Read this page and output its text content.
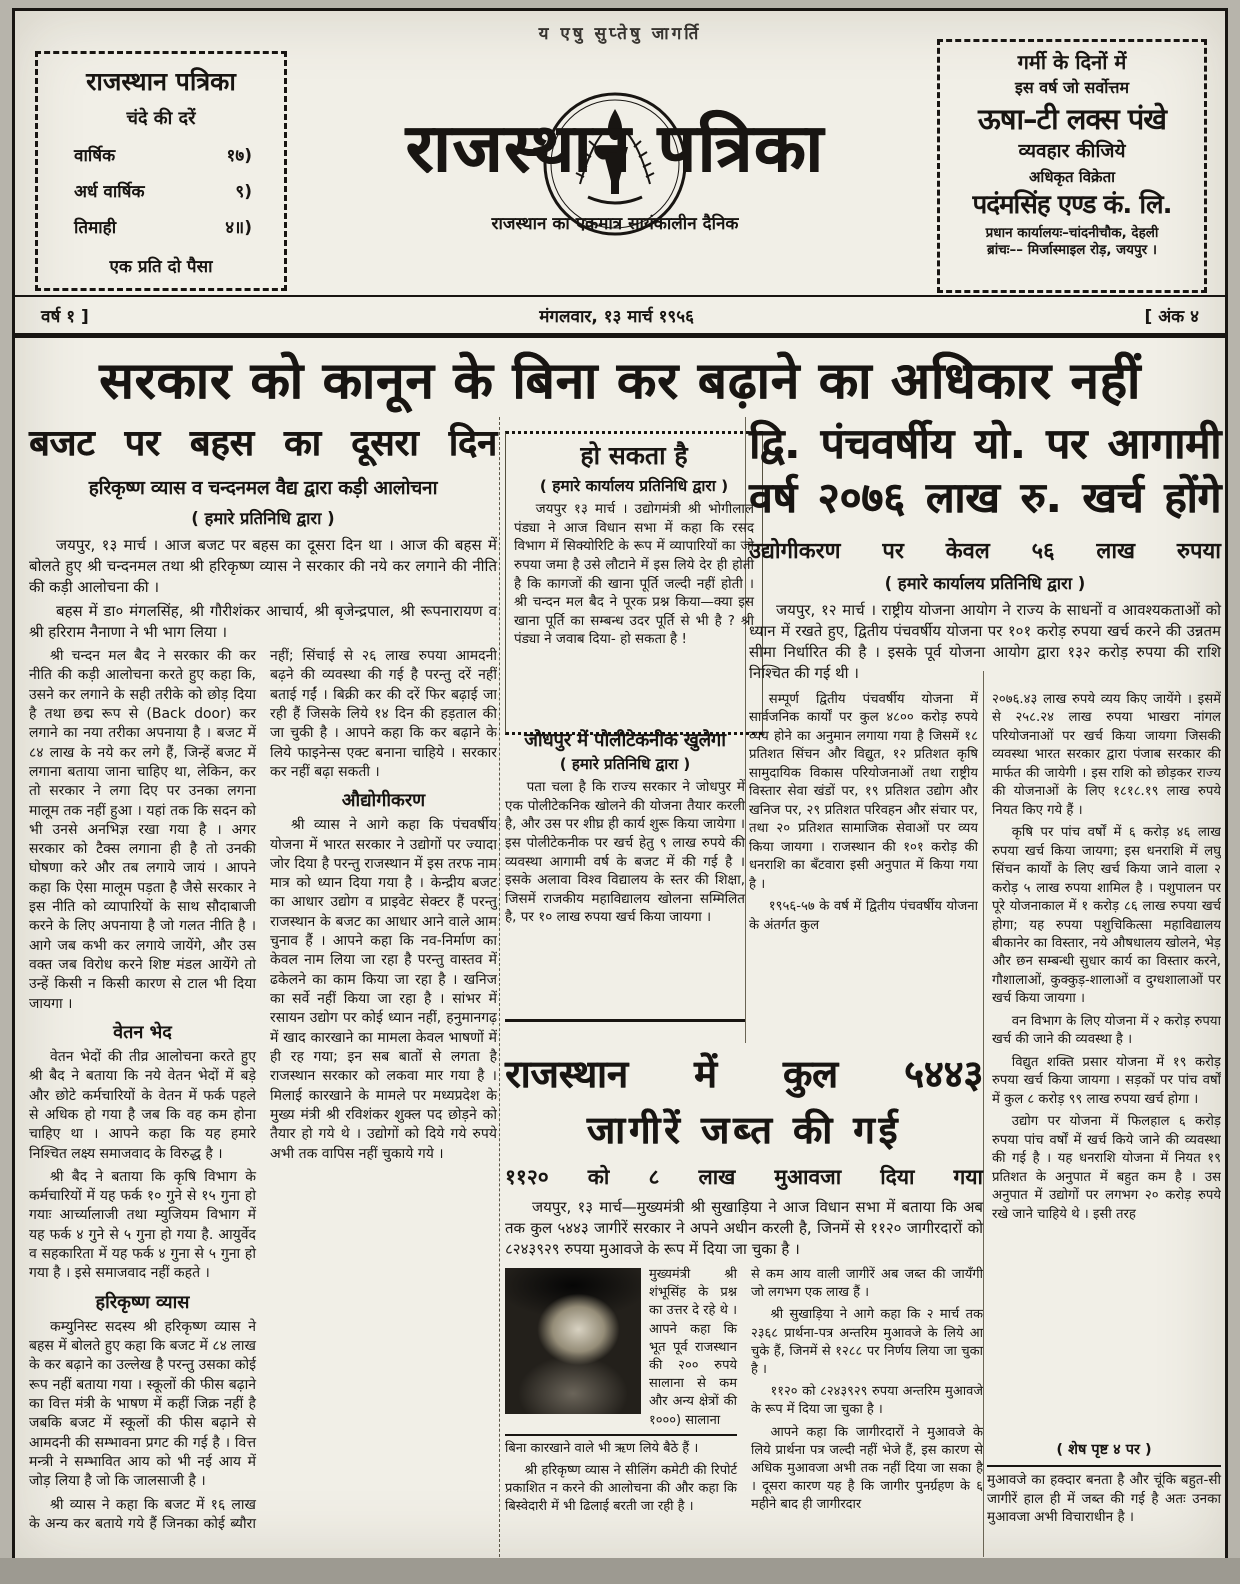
य एषु सुप्तेषु जागर्ति
राजस्थान पत्रिका
चंदे की दरें
वार्षिक	१७)
अर्ध वार्षिक	९)
तिमाही	४॥)
एक प्रति दो पैसा
राजस्थान पत्रिका
राजस्थान का एकमात्र सायंकालीन दैनिक
गर्मी के दिनों में
इस वर्ष जो सर्वोत्तम
ऊषा–टी लक्स पंखे
व्यवहार कीजिये
अधिकृत विक्रेता
पदंमसिंह एण्ड कं. लि.
प्रधान कार्यालयः–चांदनीचौक, देहली
ब्रांचः–– मिर्जास्माइल रोड़, जयपुर ।
वर्ष १ ]	मंगलवार, १३ मार्च १९५६	[ अंक ४
सरकार को कानून के बिना कर बढ़ाने का अधिकार नहीं
बजट पर बहस का दूसरा दिन
हरिकृष्ण व्यास व चन्दनमल वैद्य द्वारा कड़ी आलोचना
( हमारे प्रतिनिधि द्वारा )

जयपुर, १३ मार्च । आज बजट पर बहस का दूसरा दिन था । आज की बहस में बोलते हुए श्री चन्दनमल तथा श्री हरिकृष्ण व्यास ने सरकार की नये कर लगाने की नीति की कड़ी आलोचना की ।

बहस में डा० मंगलसिंह, श्री गौरीशंकर आचार्य, श्री बृजेन्द्रपाल, श्री रूपनारायण व श्री हरिराम नैनाणा ने भी भाग लिया ।

श्री चन्दन मल बैद ने सरकार की कर नीति की कड़ी आलोचना करते हुए कहा कि, उसने कर लगाने के सही तरीके को छोड़ दिया है तथा छद्म रूप से (Back door) कर लगाने का नया तरीका अपनाया है । बजट में ८४ लाख के नये कर लगे हैं, जिन्हें बजट में लगाना बताया जाना चाहिए था, लेकिन, कर तो सरकार ने लगा दिए पर उनका लगना मालूम तक नहीं हुआ । यहां तक कि सदन को भी उनसे अनभिज्ञ रखा गया है । अगर सरकार को टैक्स लगाना ही है तो उनकी घोषणा करे और तब लगाये जायं । आपने कहा कि ऐसा मालूम पड़ता है जैसे सरकार ने इस नीति को व्यापारियों के साथ सौदाबाजी करने के लिए अपनाया है जो गलत नीति है । आगे जब कभी कर लगाये जायेंगे, और उस वक्त जब विरोध करने शिष्ट मंडल आयेंगे तो उन्हें किसी न किसी कारण से टाल भी दिया जायगा ।

वेतन भेद

वेतन भेदों की तीव्र आलोचना करते हुए श्री बैद ने बताया कि नये वेतन भेदों में बड़े और छोटे कर्मचारियों के वेतन में फर्क पहले से अधिक हो गया है जब कि वह कम होना चाहिए था । आपने कहा कि यह हमारे निश्चित लक्ष्य समाजवाद के विरुद्ध है ।

श्री बैद ने बताया कि कृषि विभाग के कर्मचारियों में यह फर्क १० गुने से १५ गुना हो गयाः आर्च्यालाजी तथा म्युजियम विभाग में यह फर्क ४ गुने से ५ गुना हो गया है. आयुर्वेद व सहकारिता में यह फर्क ४ गुना से ५ गुना हो गया है । इसे समाजवाद नहीं कहते ।

हरिकृष्ण व्यास

कम्युनिस्ट सदस्य श्री हरिकृष्ण व्यास ने बहस में बोलते हुए कहा कि बजट में ८४ लाख के कर बढ़ाने का उल्लेख है परन्तु उसका कोई रूप नहीं बताया गया । स्कूलों की फीस बढ़ाने का वित्त मंत्री के भाषण में कहीं जिक्र नहीं है जबकि बजट में स्कूलों की फीस बढ़ाने से आमदनी की सम्भावना प्रगट की गई है । वित्त मन्त्री ने सम्भावित आय को भी नई आय में जोड़ लिया है जो कि जालसाजी है ।

श्री व्यास ने कहा कि बजट में १६ लाख के अन्य कर बताये गये हैं जिनका कोई ब्यौरा नहीं; सिंचाई से २६ लाख रुपया आमदनी बढ़ने की व्यवस्था की गई है परन्तु दरें नहीं बताई गईं । बिक्री कर की दरें फिर बढ़ाई जा रही हैं जिसके लिये १४ दिन की हड़ताल की जा चुकी है । आपने कहा कि कर बढ़ाने के लिये फाइनेन्स एक्ट बनाना चाहिये । सरकार कर नहीं बढ़ा सकती ।

औद्योगीकरण

श्री व्यास ने आगे कहा कि पंचवर्षीय योजना में भारत सरकार ने उद्योगों पर ज्यादा जोर दिया है परन्तु राजस्थान में इस तरफ नाम मात्र को ध्यान दिया गया है । केन्द्रीय बजट का आधार उद्योग व प्राइवेट सेक्टर हैं परन्तु राजस्थान के बजट का आधार आने वाले आम चुनाव हैं । आपने कहा कि नव-निर्माण का केवल नाम लिया जा रहा है परन्तु वास्तव में ढकेलने का काम किया जा रहा है । खनिज का सर्वे नहीं किया जा रहा है । सांभर में रसायन उद्योग पर कोई ध्यान नहीं, हनुमानगढ़ में खाद कारखाने का मामला केवल भाषणों में ही रह गया; इन सब बातों से लगता है राजस्थान सरकार को लकवा मार गया है । मिलाई कारखाने के मामले पर मध्यप्रदेश के मुख्य मंत्री श्री रविशंकर शुक्ल पद छोड़ने को तैयार हो गये थे । उद्योगों को दिये गये रुपये अभी तक वापिस नहीं चुकाये गये ।

हो सकता है
( हमारे कार्यालय प्रतिनिधि द्वारा )
जयपुर १३ मार्च । उद्योगमंत्री श्री भोगीलाल पंड्या ने आज विधान सभा में कहा कि रसद विभाग में सिक्योरिटि के रूप में व्यापारियों का जो रुपया जमा है उसे लौटाने में इस लिये देर ही होती है कि कागजों की खाना पूर्ति जल्दी नहीं होती । श्री चन्दन मल बैद ने पूरक प्रश्न किया—क्या इस खाना पूर्ति का सम्बन्ध उदर पूर्ति से भी है ? श्री पंड्या ने जवाब दिया- हो सकता है !
जोधपुर में पोलीटेकनीक खुलेगा
( हमारे प्रतिनिधि द्वारा )
पता चला है कि राज्य सरकार ने जोधपुर में एक पोलीटेकनिक खोलने की योजना तैयार करली है, और उस पर शीघ्र ही कार्य शुरू किया जायेगा । इस पोलीटेकनीक पर खर्च हेतु ९ लाख रुपये की व्यवस्था आगामी वर्ष के बजट में की गई है । इसके अलावा विश्व विद्यालय के स्तर की शिक्षा, जिसमें राजकीय महाविद्यालय खोलना सम्मिलित है, पर १० लाख रुपया खर्च किया जायगा ।
द्वि. पंचवर्षीय यो. पर आगामी
वर्ष २०७६ लाख रु. खर्च होंगे
उद्योगीकरण पर केवल ५६ लाख रुपया
( हमारे कार्यालय प्रतिनिधि द्वारा )
जयपुर, १२ मार्च । राष्ट्रीय योजना आयोग ने राज्य के साधनों व आवश्यकताओं को ध्यान में रखते हुए, द्वितीय पंचवर्षीय योजना पर १०१ करोड़ रुपया खर्च करने की उन्नतम सीमा निर्धारित की है । इसके पूर्व योजना आयोग द्वारा १३२ करोड़ रुपया की राशि निश्चित की गई थी ।

सम्पूर्ण द्वितीय पंचवर्षीय योजना में सार्वजनिक कार्यों पर कुल ४८०० करोड़ रुपये व्यय होने का अनुमान लगाया गया है जिसमें १८ प्रतिशत सिंचन और विद्युत, १२ प्रतिशत कृषि सामुदायिक विकास परियोजनाओं तथा राष्ट्रीय विस्तार सेवा खंडों पर, १९ प्रतिशत उद्योग और खनिज पर, २९ प्रतिशत परिवहन और संचार पर, तथा २० प्रतिशत सामाजिक सेवाओं पर व्यय किया जायगा । राजस्थान की १०१ करोड़ की धनराशि का बँटवारा इसी अनुपात में किया गया है ।

१९५६-५७ के वर्ष में द्वितीय पंचवर्षीय योजना के अंतर्गत कुल

२०७६.४३ लाख रुपये व्यय किए जायेंगे । इसमें से २५८.२४ लाख रुपया भाखरा नांगल परियोजनाओं पर खर्च किया जायगा जिसकी व्यवस्था भारत सरकार द्वारा पंजाब सरकार की मार्फत की जायेगी । इस राशि को छोड़कर राज्य की योजनाओं के लिए १८१८.१९ लाख रुपये नियत किए गये हैं ।

कृषि पर पांच वर्षों में ६ करोड़ ४६ लाख रुपया खर्च किया जायगा; इस धनराशि में लघु सिंचन कार्यों के लिए खर्च किया जाने वाला २ करोड़ ५ लाख रुपया शामिल है । पशुपालन पर पूरे योजनाकाल में १ करोड़ ८६ लाख रुपया खर्च होगा; यह रुपया पशुचिकित्सा महाविद्यालय बीकानेर का विस्तार, नये औषधालय खोलने, भेड़ और छन सम्बन्धी सुधार कार्य का विस्तार करने, गौशालाओं, कुक्कुड़-शालाओं व दुग्धशालाओं पर खर्च किया जायगा ।

वन विभाग के लिए योजना में २ करोड़ रुपया खर्च की जाने की व्यवस्था है ।

विद्युत शक्ति प्रसार योजना में १९ करोड़ रुपया खर्च किया जायगा । सड़कों पर पांच वर्षों में कुल ८ करोड़ ९९ लाख रुपया खर्च होगा ।

उद्योग पर योजना में फिलहाल ६ करोड़ रुपया पांच वर्षों में खर्च किये जाने की व्यवस्था की गई है । यह धनराशि योजना में नियत १९ प्रतिशत के अनुपात में बहुत कम है । उस अनुपात में उद्योगों पर लगभग २० करोड़ रुपये रखे जाने चाहिये थे । इसी तरह

( शेष पृष्ट ४ पर )

मुआवजे का हक्दार बनता है और चूंकि बहुत-सी जागीरें हाल ही में जब्त की गई है अतः उनका मुआवजा अभी विचाराधीन है ।

राजस्थान में कुल ५४४३
जागीरें जब्त की गई
११२० को ८ लाख मुआवजा दिया गया
जयपुर, १३ मार्च—मुख्यमंत्री श्री सुखाड़िया ने आज विधान सभा में बताया कि अब तक कुल ५४४३ जागीरें सरकार ने अपने अधीन करली है, जिनमें से ११२० जागीरदारों को ८२४३९२९ रुपया मुआवजे के रूप में दिया जा चुका है ।

मुख्यमंत्री श्री शंभूसिंह के प्रश्न का उत्तर दे रहे थे । आपने कहा कि भूत पूर्व राजस्थान की २०० रुपये सालाना से कम और अन्य क्षेत्रों की १०००) सालाना

बिना कारखाने वाले भी ऋण लिये बैठे हैं ।

श्री हरिकृष्ण व्यास ने सीलिंग कमेटी की रिपोर्ट प्रकाशित न करने की आलोचना की और कहा कि बिस्वेदारी में भी ढिलाई बरती जा रही है ।

से कम आय वाली जागीरें अब जब्त की जायँगी जो लगभग एक लाख हैं ।

श्री सुखाड़िया ने आगे कहा कि २ मार्च तक २३६८ प्रार्थना-पत्र अन्तरिम मुआवजे के लिये आ चुके हैं, जिनमें से १२८८ पर निर्णय लिया जा चुका है ।

११२० को ८२४३९२९ रुपया अन्तरिम मुआवजे के रूप में दिया जा चुका है ।

आपने कहा कि जागीरदारों ने मुआवजे के लिये प्रार्थना पत्र जल्दी नहीं भेजे हैं, इस कारण से अधिक मुआवजा अभी तक नहीं दिया जा सका है । दूसरा कारण यह है कि जागीर पुनर्ग्रहण के ६ महीने बाद ही जागीरदार
